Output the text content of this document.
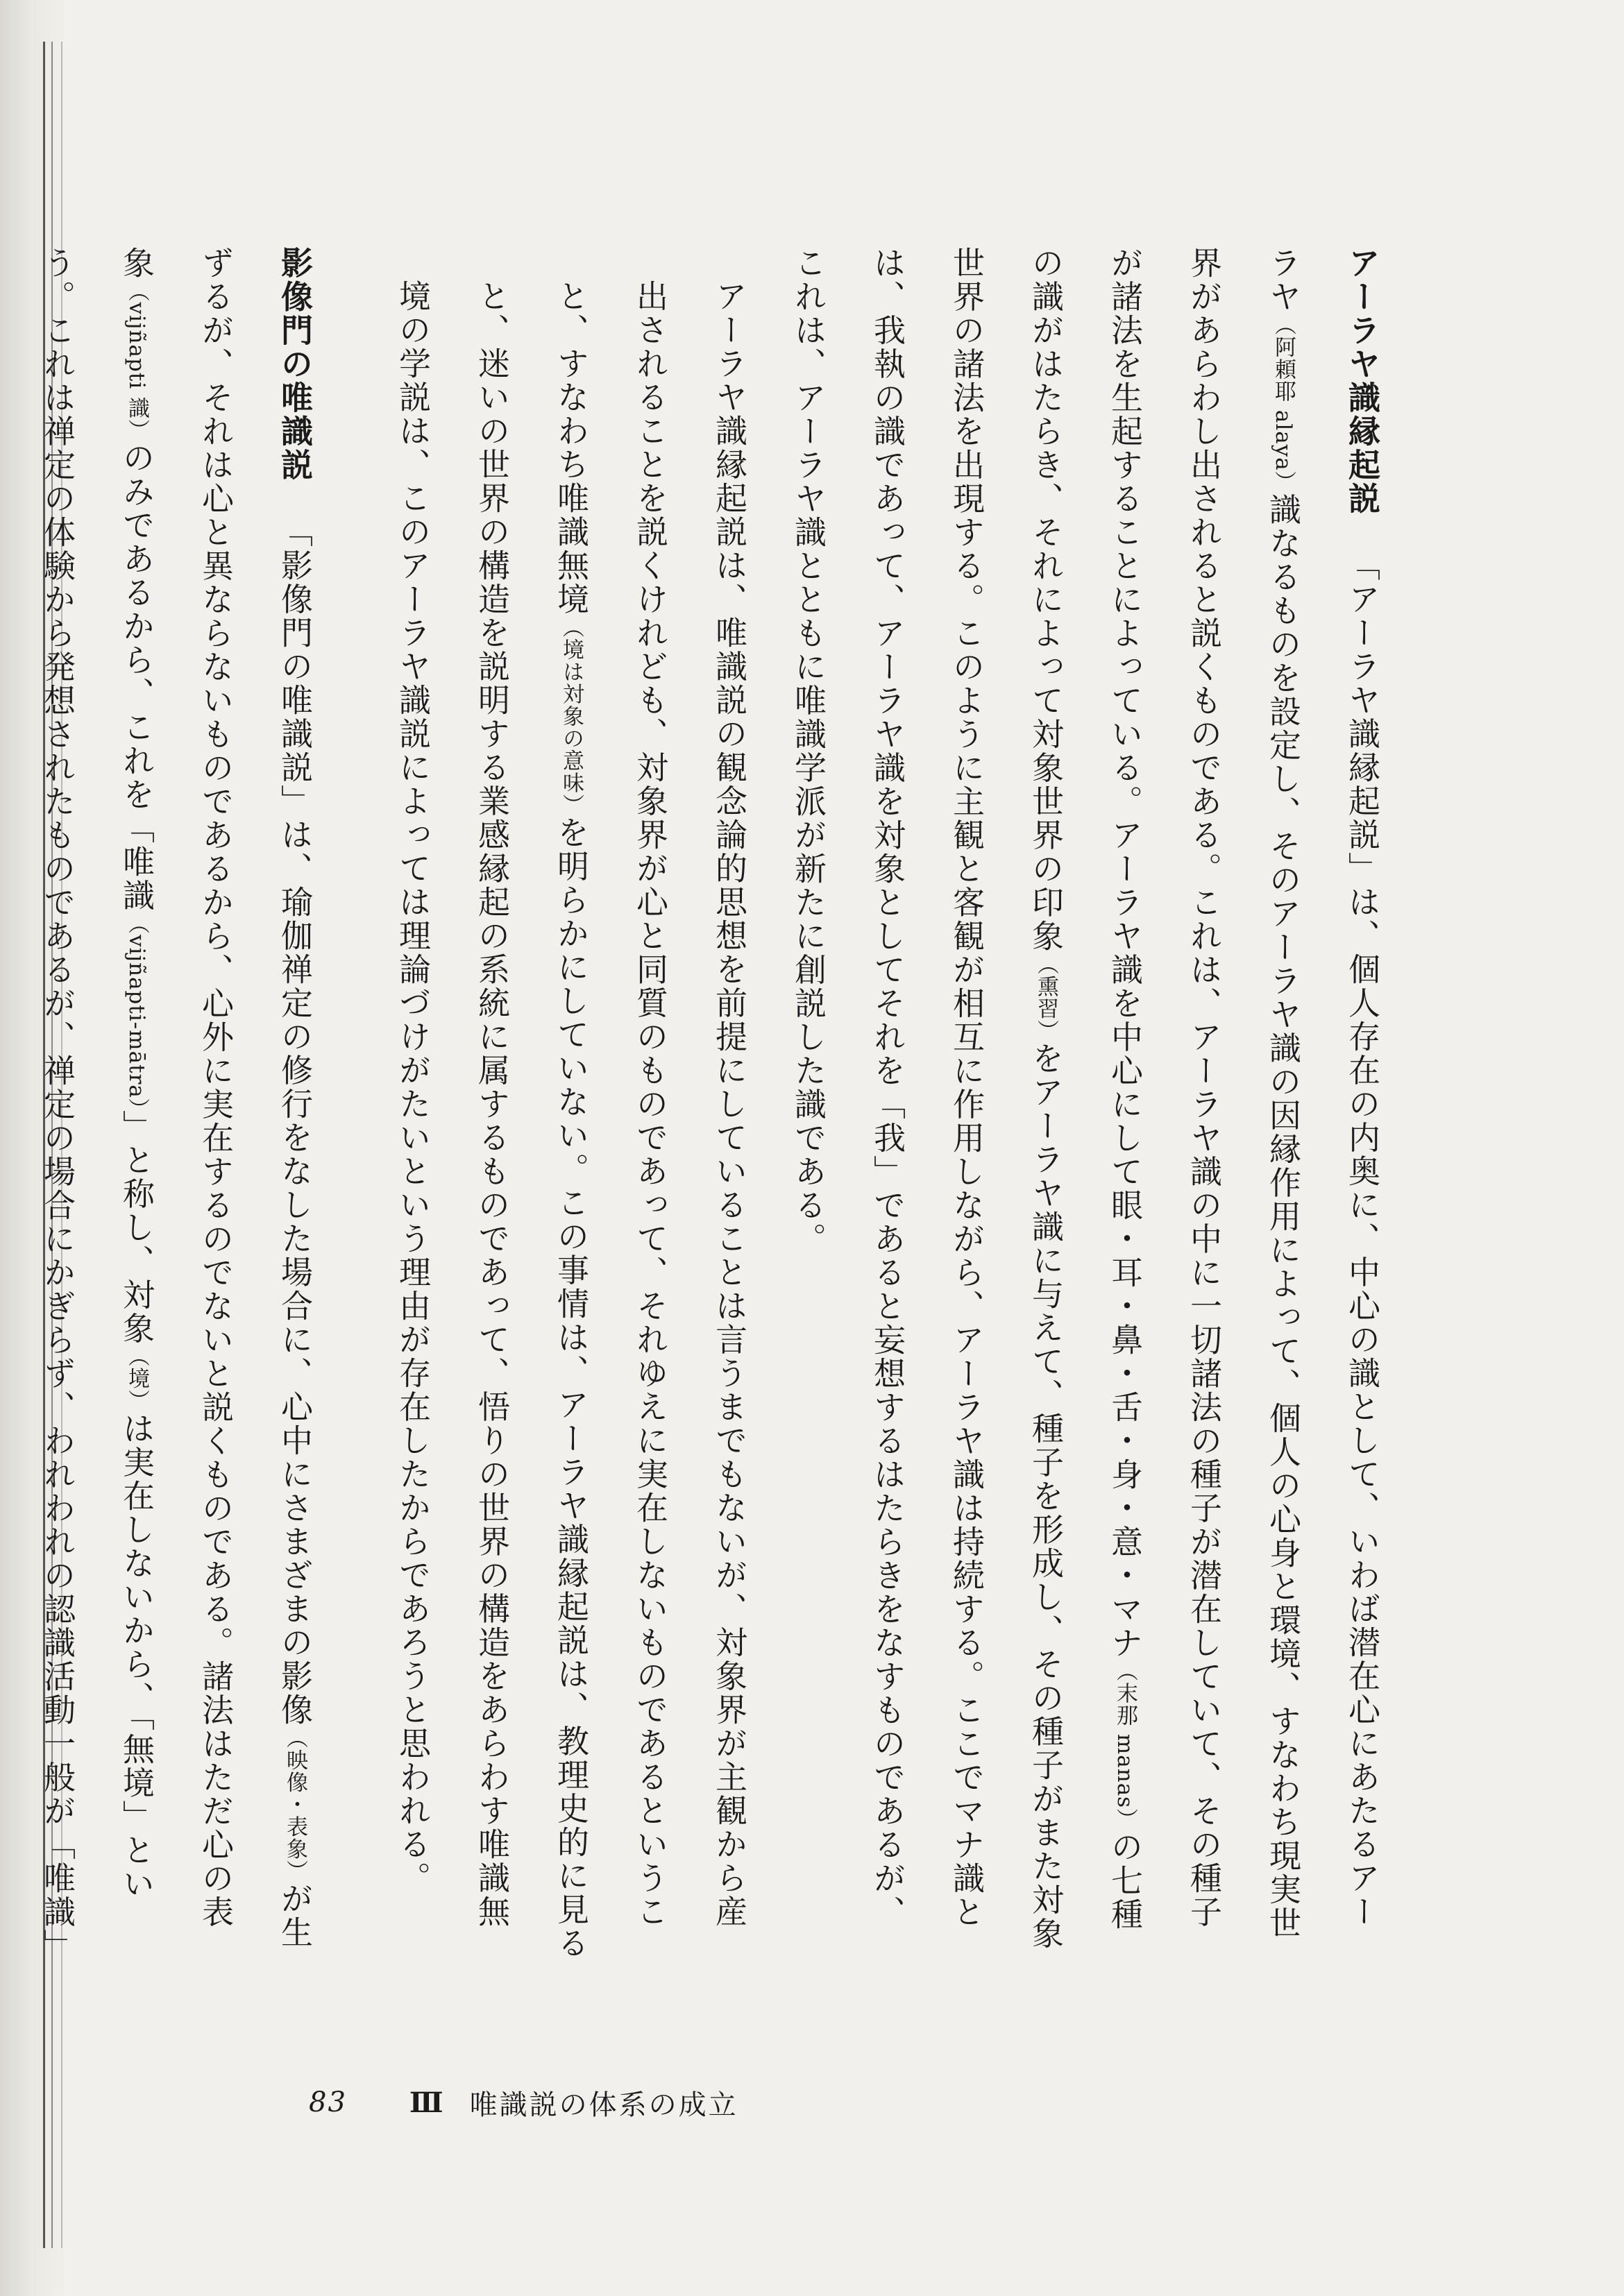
アーラヤ識縁起説「アーラヤ識縁起説」は、個人存在の内奥に、中心の識として、いわば潜在心にあたるアーラヤ（阿頼耶 alaya）識なるものを設定し、そのアーラヤ識の因縁作用によって、個人の心身と環境、すなわち現実世界があらわし出されると説くものである。これは、アーラヤ識の中に一切諸法の種子が潜在していて、その種子が諸法を生起することによっている。アーラヤ識を中心にして眼・耳・鼻・舌・身・意・マナ（末那 manas）の七種の識がはたらき、それによって対象世界の印象（熏習）をアーラヤ識に与えて、種子を形成し、その種子がまた対象世界の諸法を出現する。このように主観と客観が相互に作用しながら、アーラヤ識は持続する。ここでマナ識とは、我執の識であって、アーラヤ識を対象としてそれを「我」であると妄想するはたらきをなすものであるが、これは、アーラヤ識とともに唯識学派が新たに創説した識である。

アーラヤ識縁起説は、唯識説の観念論的思想を前提にしていることは言うまでもないが、対象界が主観から産出されることを説くけれども、対象界が心と同質のものであって、それゆえに実在しないものであるということ、すなわち唯識無境（境は対象の意味）を明らかにしていない。この事情は、アーラヤ識縁起説は、教理史的に見ると、迷いの世界の構造を説明する業感縁起の系統に属するものであって、悟りの世界の構造をあらわす唯識無境の学説は、このアーラヤ識説によっては理論づけがたいという理由が存在したからであろうと思われる。

影像門の唯識説「影像門の唯識説」は、瑜伽禅定の修行をなした場合に、心中にさまざまの影像（映像・表象）が生ずるが、それは心と異ならないものであるから、心外に実在するのでないと説くものである。諸法はただ心の表象（vijñapti 識）のみであるから、これを「唯識（vijñapti-mātra）」と称し、対象（境）は実在しないから、「無境」という。これは禅定の体験から発想されたものであるが、禅定の場合にかぎらず、われわれの認識活動一般が「唯識」

83 Ⅲ 唯識説の体系の成立
